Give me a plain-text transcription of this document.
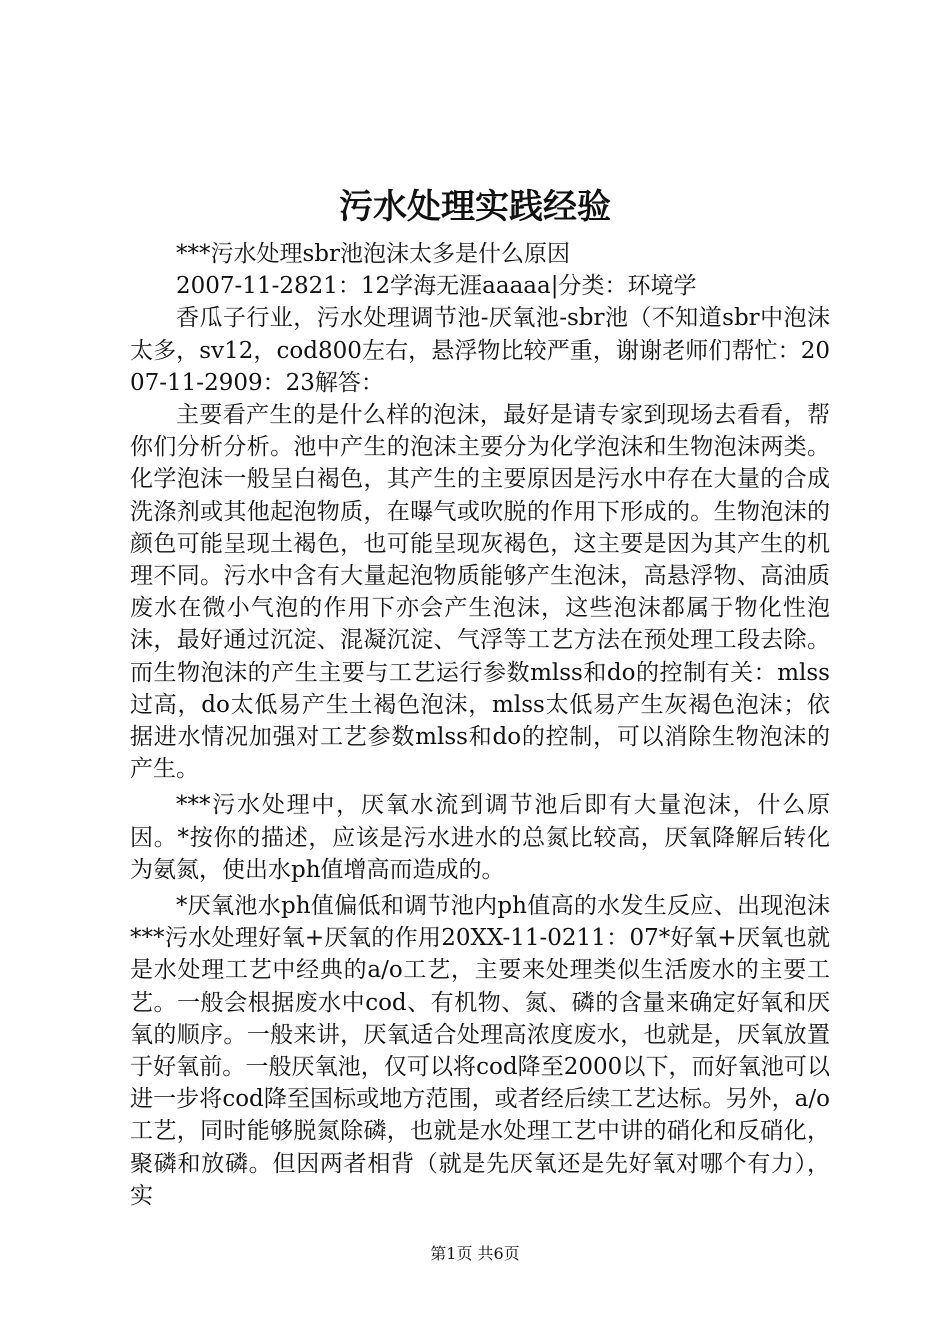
污水处理实践经验

***污水处理sbr池泡沫太多是什么原因

2007-11-2821：12学海无涯aaaaa|分类：环境学

香瓜子行业，污水处理调节池-厌氧池-sbr池（不知道sbr中泡沫太多，sv12，cod800左右，悬浮物比较严重，谢谢老师们帮忙：2007-11-2909：23解答：

主要看产生的是什么样的泡沫，最好是请专家到现场去看看，帮你们分析分析。池中产生的泡沫主要分为化学泡沫和生物泡沫两类。化学泡沫一般呈白褐色，其产生的主要原因是污水中存在大量的合成洗涤剂或其他起泡物质，在曝气或吹脱的作用下形成的。生物泡沫的颜色可能呈现土褐色，也可能呈现灰褐色，这主要是因为其产生的机理不同。污水中含有大量起泡物质能够产生泡沫，高悬浮物、高油质废水在微小气泡的作用下亦会产生泡沫，这些泡沫都属于物化性泡沫，最好通过沉淀、混凝沉淀、气浮等工艺方法在预处理工段去除。而生物泡沫的产生主要与工艺运行参数mlss和do的控制有关：mlss过高，do太低易产生土褐色泡沫，mlss太低易产生灰褐色泡沫；依据进水情况加强对工艺参数mlss和do的控制，可以消除生物泡沫的产生。

***污水处理中，厌氧水流到调节池后即有大量泡沫，什么原因。*按你的描述，应该是污水进水的总氮比较高，厌氧降解后转化为氨氮，使出水ph值增高而造成的。

*厌氧池水ph值偏低和调节池内ph值高的水发生反应、出现泡沫***污水处理好氧+厌氧的作用20XX-11-0211：07*好氧+厌氧也就是水处理工艺中经典的a/o工艺，主要来处理类似生活废水的主要工艺。一般会根据废水中cod、有机物、氮、磷的含量来确定好氧和厌氧的顺序。一般来讲，厌氧适合处理高浓度废水，也就是，厌氧放置于好氧前。一般厌氧池，仅可以将cod降至2000以下，而好氧池可以进一步将cod降至国标或地方范围，或者经后续工艺达标。另外，a/o工艺，同时能够脱氮除磷，也就是水处理工艺中讲的硝化和反硝化，聚磷和放磷。但因两者相背（就是先厌氧还是先好氧对哪个有力），实

第1页 共6页
